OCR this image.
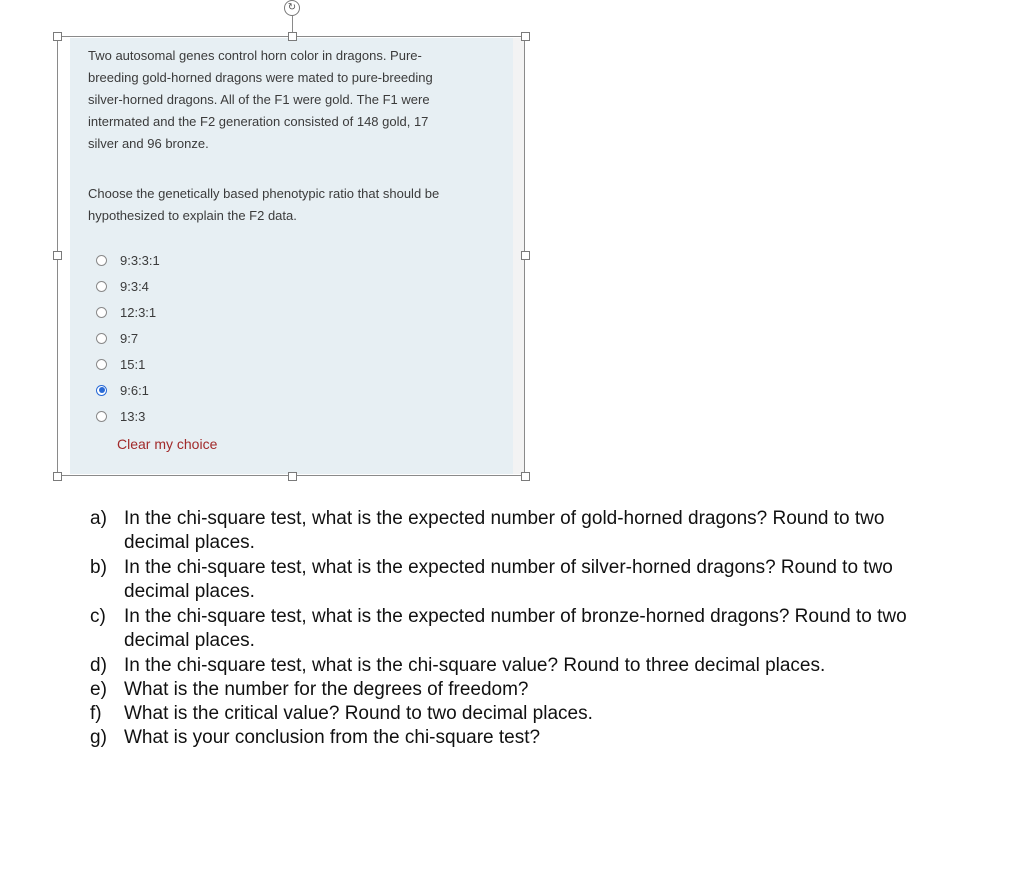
↻
Two autosomal genes control horn color in dragons. Pure-
breeding gold-horned dragons were mated to pure-breeding
silver-horned dragons. All of the F1 were gold. The F1 were
intermated and the F2 generation consisted of 148 gold, 17
silver and 96 bronze.
Choose the genetically based phenotypic ratio that should be
hypothesized to explain the F2 data.
9:3:3:1
9:3:4
12:3:1
9:7
15:1
9:6:1
13:3
Clear my choice
a) In the chi-square test, what is the expected number of gold-horned dragons? Round to two decimal places.
b) In the chi-square test, what is the expected number of silver-horned dragons? Round to two decimal places.
c) In the chi-square test, what is the expected number of bronze-horned dragons? Round to two decimal places.
d) In the chi-square test, what is the chi-square value? Round to three decimal places.
e) What is the number for the degrees of freedom?
f)	What is the critical value? Round to two decimal places.
g) What is your conclusion from the chi-square test?
